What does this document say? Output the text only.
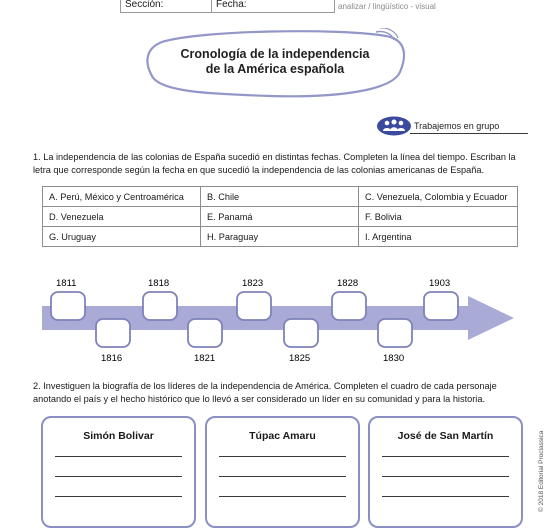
Sección:	Fecha:	analizar / lingüístico - visual
Cronología de la independencia
de la América española
Trabajemos en grupo
1. La independencia de las colonias de España sucedió en distintas fechas. Completen la línea del tiempo. Escriban la
letra que corresponde según la fecha en que sucedió la independencia de las colonias americanas de España.
A. Perú, México y Centroamérica	B. Chile	C. Venezuela, Colombia y Ecuador
D. Venezuela	E. Panamá	F. Bolivia
G. Uruguay	H. Paraguay	I. Argentina
1811	1818	1823	1828	1903
1816	1821	1825	1830
2. Investiguen la biografía de los líderes de la independencia de América. Completen el cuadro de cada personaje
anotando el país y el hecho histórico que lo llevó a ser considerado un líder en su comunidad y para la historia.
Simón Bolivar	Túpac Amaru	José de San Martín	© 2018 Editorial Proclassica
